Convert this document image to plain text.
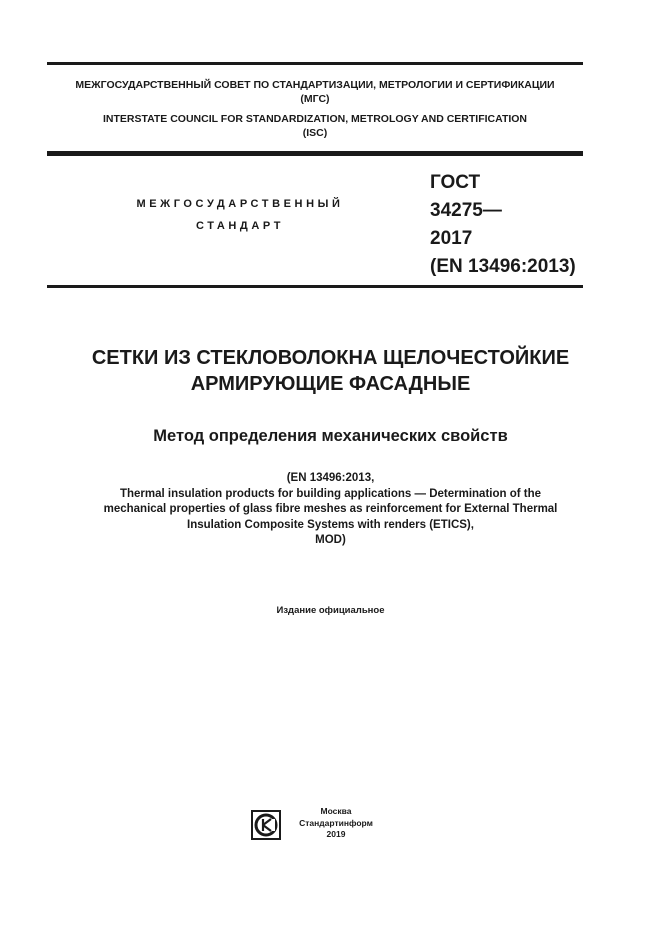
МЕЖГОСУДАРСТВЕННЫЙ СОВЕТ ПО СТАНДАРТИЗАЦИИ, МЕТРОЛОГИИ И СЕРТИФИКАЦИИ
(МГС)
INTERSTATE COUNCIL FOR STANDARDIZATION, METROLOGY AND CERTIFICATION
(ISC)
МЕЖГОСУДАРСТВЕННЫЙ
СТАНДАРТ
ГОСТ
34275—
2017
(EN 13496:2013)
СЕТКИ ИЗ СТЕКЛОВОЛОКНА ЩЕЛОЧЕСТОЙКИЕ
АРМИРУЮЩИЕ ФАСАДНЫЕ
Метод определения механических свойств
(EN 13496:2013,
Thermal insulation products for building applications — Determination of the
mechanical properties of glass fibre meshes as reinforcement for External Thermal
Insulation Composite Systems with renders (ETICS),
MOD)
Издание официальное
Москва
Стандартинформ
2019
